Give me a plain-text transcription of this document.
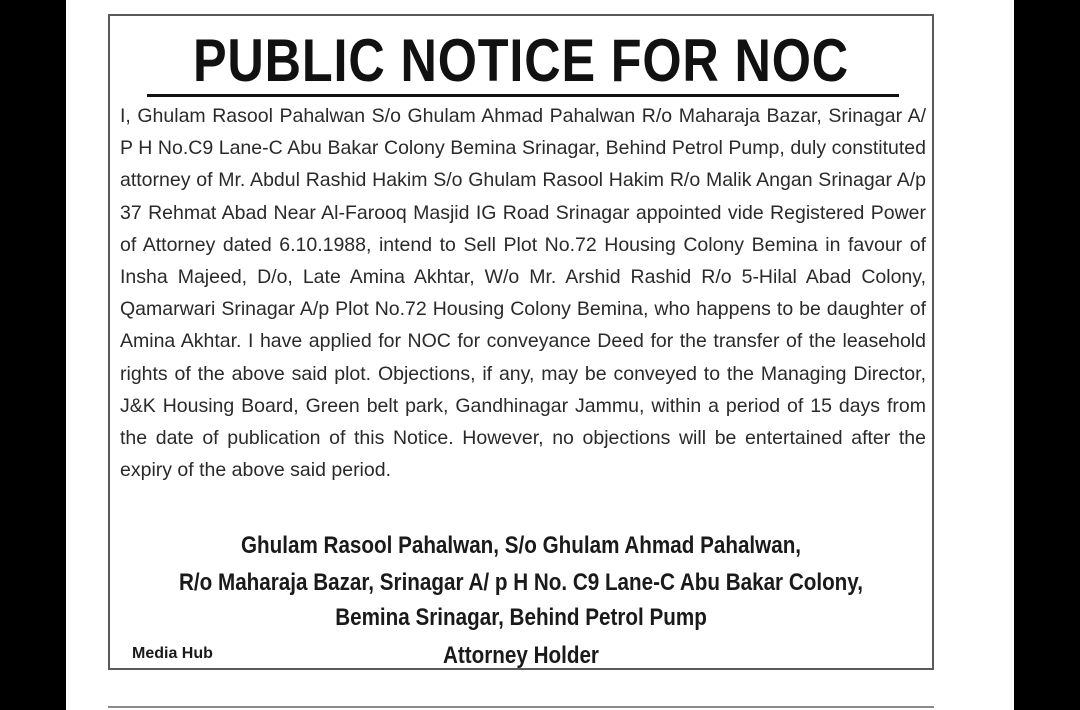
PUBLIC NOTICE FOR NOC

I, Ghulam Rasool Pahalwan S/o Ghulam Ahmad Pahalwan R/o Maharaja Bazar, Srinagar A/ P H No.C9 Lane-C Abu Bakar Colony Bemina Srinagar, Behind Petrol Pump, duly constituted attorney of Mr. Abdul Rashid Hakim S/o Ghulam Rasool Hakim R/o Malik Angan Srinagar A/p 37 Rehmat Abad Near Al-Farooq Masjid IG Road Srinagar appointed vide Registered Power of Attorney dated 6.10.1988, intend to Sell Plot No.72 Housing Colony Bemina in favour of Insha Majeed, D/o, Late Amina Akhtar, W/o Mr. Arshid Rashid R/o 5-Hilal Abad Colony, Qamarwari Srinagar A/p Plot No.72 Housing Colony Bemina, who happens to be daughter of Amina Akhtar. I have applied for NOC for conveyance Deed for the transfer of the leasehold rights of the above said plot. Objections, if any, may be conveyed to the Managing Director, J&K Housing Board, Green belt park, Gandhinagar Jammu, within a period of 15 days from the date of publication of this Notice. However, no objections will be entertained after the expiry of the above said period.

Ghulam Rasool Pahalwan, S/o Ghulam Ahmad Pahalwan,
R/o Maharaja Bazar, Srinagar A/ p H No. C9 Lane-C Abu Bakar Colony,
Bemina Srinagar, Behind Petrol Pump
Attorney Holder
Media Hub
